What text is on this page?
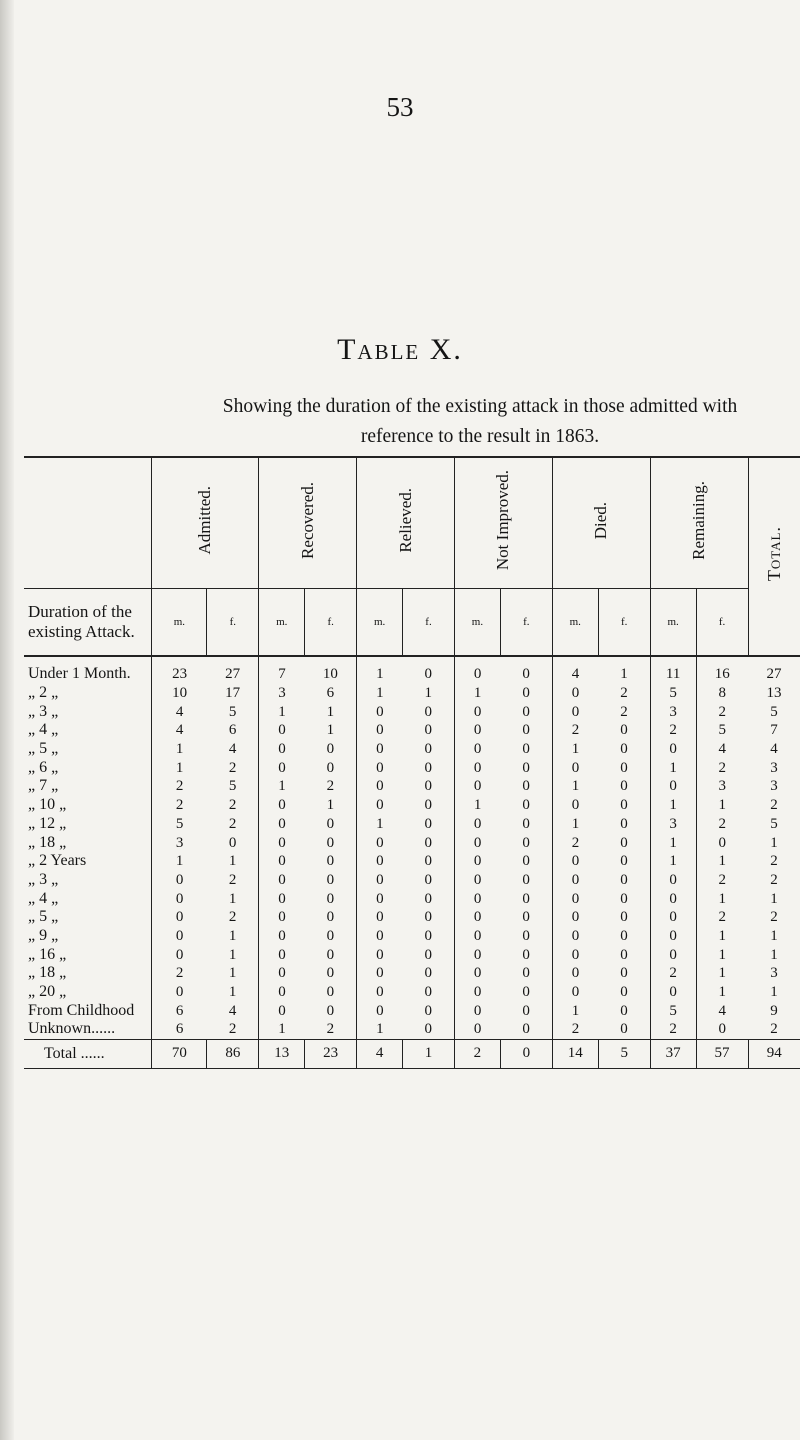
53
Table X.
Showing the duration of the existing attack in those admitted with reference to the result in 1863.
	Admitted.		Recovered.		Relieved.		Not Improved.		Died.		Remaining.		Total.
Duration of the existing Attack.	m.	f.	m.	f.	m.	f.	m.	f.	m.	f.	m.	f.	
Under 1 Month.	23	27	7	10	1	0	0	0	4	1	11	16	27
„ 2 „	10	17	3	6	1	1	1	0	0	2	5	8	13
„ 3 „	4	5	1	1	0	0	0	0	0	2	3	2	5
„ 4 „	4	6	0	1	0	0	0	0	2	0	2	5	7
„ 5 „	1	4	0	0	0	0	0	0	1	0	0	4	4
„ 6 „	1	2	0	0	0	0	0	0	0	0	1	2	3
„ 7 „	2	5	1	2	0	0	0	0	1	0	0	3	3
„ 10 „	2	2	0	1	0	0	1	0	0	0	1	1	2
„ 12 „	5	2	0	0	1	0	0	0	1	0	3	2	5
„ 18 „	3	0	0	0	0	0	0	0	2	0	1	0	1
„ 2 Years	1	1	0	0	0	0	0	0	0	0	1	1	2
„ 3 „	0	2	0	0	0	0	0	0	0	0	0	2	2
„ 4 „	0	1	0	0	0	0	0	0	0	0	0	1	1
„ 5 „	0	2	0	0	0	0	0	0	0	0	0	2	2
„ 9 „	0	1	0	0	0	0	0	0	0	0	0	1	1
„ 16 „	0	1	0	0	0	0	0	0	0	0	0	1	1
„ 18 „	2	1	0	0	0	0	0	0	0	0	2	1	3
„ 20 „	0	1	0	0	0	0	0	0	0	0	0	1	1
From Childhood	6	4	0	0	0	0	0	0	1	0	5	4	9
Unknown......	6	2	1	2	1	0	0	0	2	0	2	0	2
Total ......	70	86	13	23	4	1	2	0	14	5	37	57	94
